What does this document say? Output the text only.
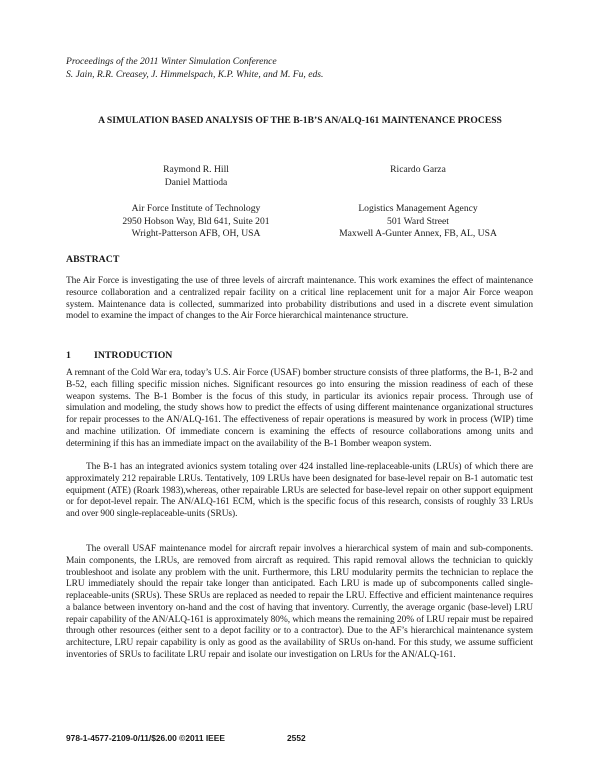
Proceedings of the 2011 Winter Simulation Conference
S. Jain, R.R. Creasey, J. Himmelspach, K.P. White, and M. Fu, eds.
A SIMULATION BASED ANALYSIS OF THE B-1B’S AN/ALQ-161 MAINTENANCE PROCESS
Raymond R. Hill
Daniel Mattioda
Ricardo Garza
Air Force Institute of Technology
2950 Hobson Way, Bld 641, Suite 201
Wright-Patterson AFB, OH, USA
Logistics Management Agency
501 Ward Street
Maxwell A-Gunter Annex, FB, AL, USA
ABSTRACT
The Air Force is investigating the use of three levels of aircraft maintenance. This work examines the effect of maintenance resource collaboration and a centralized repair facility on a critical line replacement unit for a major Air Force weapon system. Maintenance data is collected, summarized into probability distributions and used in a discrete event simulation model to examine the impact of changes to the Air Force hierarchical maintenance structure.
1 INTRODUCTION
A remnant of the Cold War era, today’s U.S. Air Force (USAF) bomber structure consists of three platforms, the B-1, B-2 and B-52, each filling specific mission niches. Significant resources go into ensuring the mission readiness of each of these weapon systems. The B-1 Bomber is the focus of this study, in particular its avionics repair process. Through use of simulation and modeling, the study shows how to predict the effects of using different maintenance organizational structures for repair processes to the AN/ALQ-161. The effectiveness of repair operations is measured by work in process (WIP) time and machine utilization. Of immediate concern is examining the effects of resource collaborations among units and determining if this has an immediate impact on the availability of the B-1 Bomber weapon system.
The B-1 has an integrated avionics system totaling over 424 installed line-replaceable-units (LRUs) of which there are approximately 212 repairable LRUs. Tentatively, 109 LRUs have been designated for base-level repair on B-1 automatic test equipment (ATE) (Roark 1983),whereas, other repairable LRUs are selected for base-level repair on other support equipment or for depot-level repair. The AN/ALQ-161 ECM, which is the specific focus of this research, consists of roughly 33 LRUs and over 900 single-replaceable-units (SRUs).
The overall USAF maintenance model for aircraft repair involves a hierarchical system of main and sub-components. Main components, the LRUs, are removed from aircraft as required. This rapid removal allows the technician to quickly troubleshoot and isolate any problem with the unit. Furthermore, this LRU modularity permits the technician to replace the LRU immediately should the repair take longer than anticipated. Each LRU is made up of subcomponents called single-replaceable-units (SRUs). These SRUs are replaced as needed to repair the LRU. Effective and efficient maintenance requires a balance between inventory on-hand and the cost of having that inventory. Currently, the average organic (base-level) LRU repair capability of the AN/ALQ-161 is approximately 80%, which means the remaining 20% of LRU repair must be repaired through other resources (either sent to a depot facility or to a contractor). Due to the AF’s hierarchical maintenance system architecture, LRU repair capability is only as good as the availability of SRUs on-hand. For this study, we assume sufficient inventories of SRUs to facilitate LRU repair and isolate our investigation on LRUs for the AN/ALQ-161.
978-1-4577-2109-0/11/$26.00 ©2011 IEEE	2552
